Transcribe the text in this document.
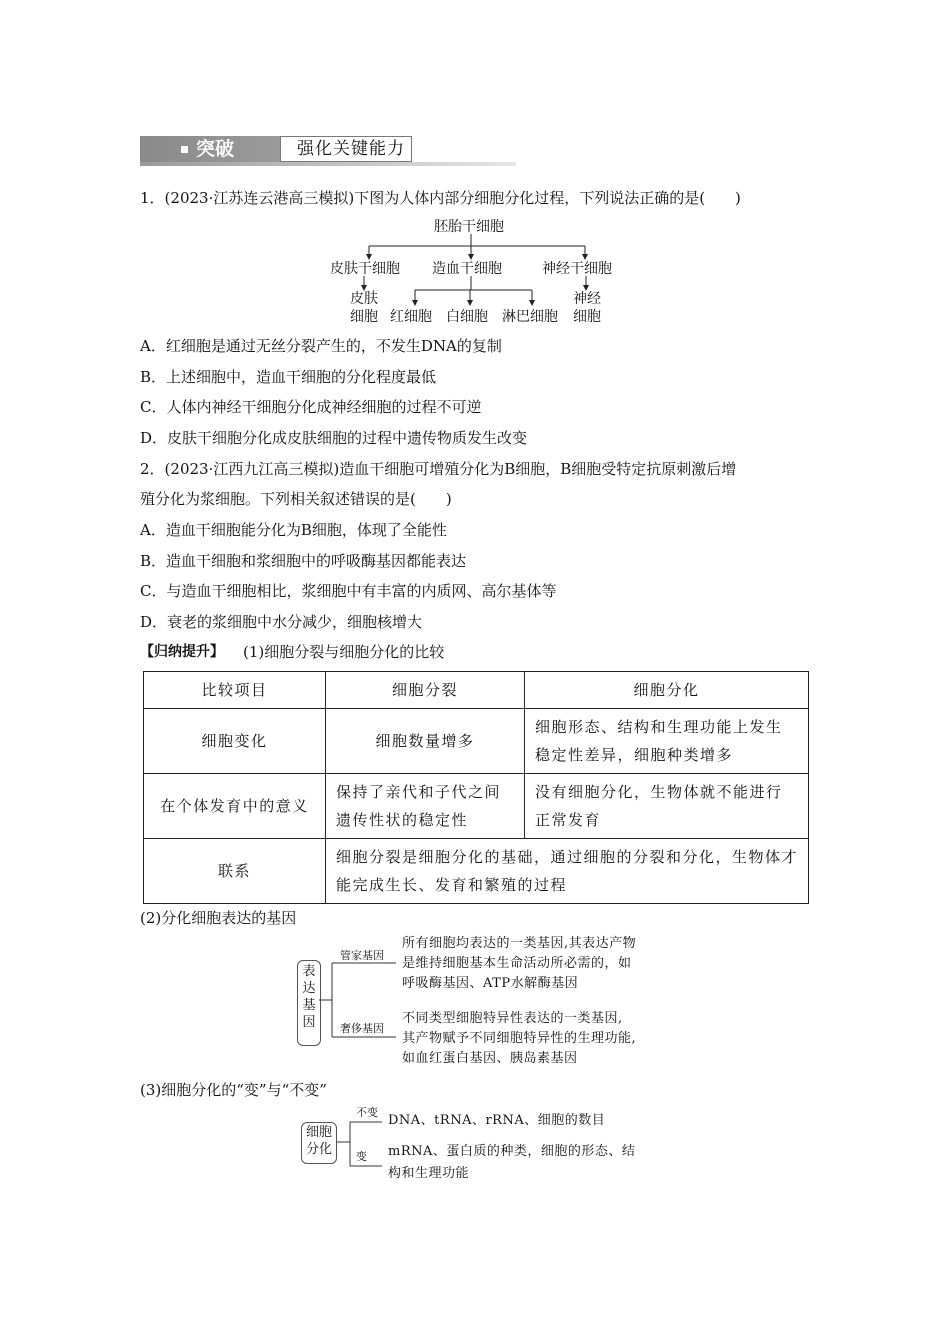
突破	强化关键能力
1．(2023·江苏连云港高三模拟)下图为人体内部分细胞分化过程，下列说法正确的是(　　)
胚胎干细胞
皮肤干细胞 造血干细胞	神经干细胞
皮肤
细胞 红细胞 白细胞 淋巴细胞
神经
细胞
A．红细胞是通过无丝分裂产生的，不发生DNA的复制
B．上述细胞中，造血干细胞的分化程度最低
C．人体内神经干细胞分化成神经细胞的过程不可逆
D．皮肤干细胞分化成皮肤细胞的过程中遗传物质发生改变
2．(2023·江西九江高三模拟)造血干细胞可增殖分化为B细胞，B细胞受特定抗原刺激后增
殖分化为浆细胞。下列相关叙述错误的是(　　)
A．造血干细胞能分化为B细胞，体现了全能性
B．造血干细胞和浆细胞中的呼吸酶基因都能表达
C．与造血干细胞相比，浆细胞中有丰富的内质网、高尔基体等
D．衰老的浆细胞中水分减少，细胞核增大
【归纳提升】 (1)细胞分裂与细胞分化的比较
比较项目	细胞分裂	细胞分化
细胞变化	细胞数量增多	细胞形态、结构和生理功能上发生稳定性差异，细胞种类增多
在个体发育中的意义	保持了亲代和子代之间遗传性状的稳定性	没有细胞分化，生物体就不能进行正常发育
联系	细胞分裂是细胞分化的基础，通过细胞的分裂和分化，生物体才能完成生长、发育和繁殖的过程	
(2)分化细胞表达的基因
表
达
基
因
管家基因
奢侈基因
所有细胞均表达的一类基因,其表达产物
是维持细胞基本生命活动所必需的，如
呼吸酶基因、ATP水解酶基因
不同类型细胞特异性表达的一类基因,
其产物赋予不同细胞特异性的生理功能,
如血红蛋白基因、胰岛素基因
(3)细胞分化的“变”与“不变”
细胞
分化
不变
变
DNA、tRNA、rRNA、细胞的数目
mRNA、蛋白质的种类，细胞的形态、结
构和生理功能
